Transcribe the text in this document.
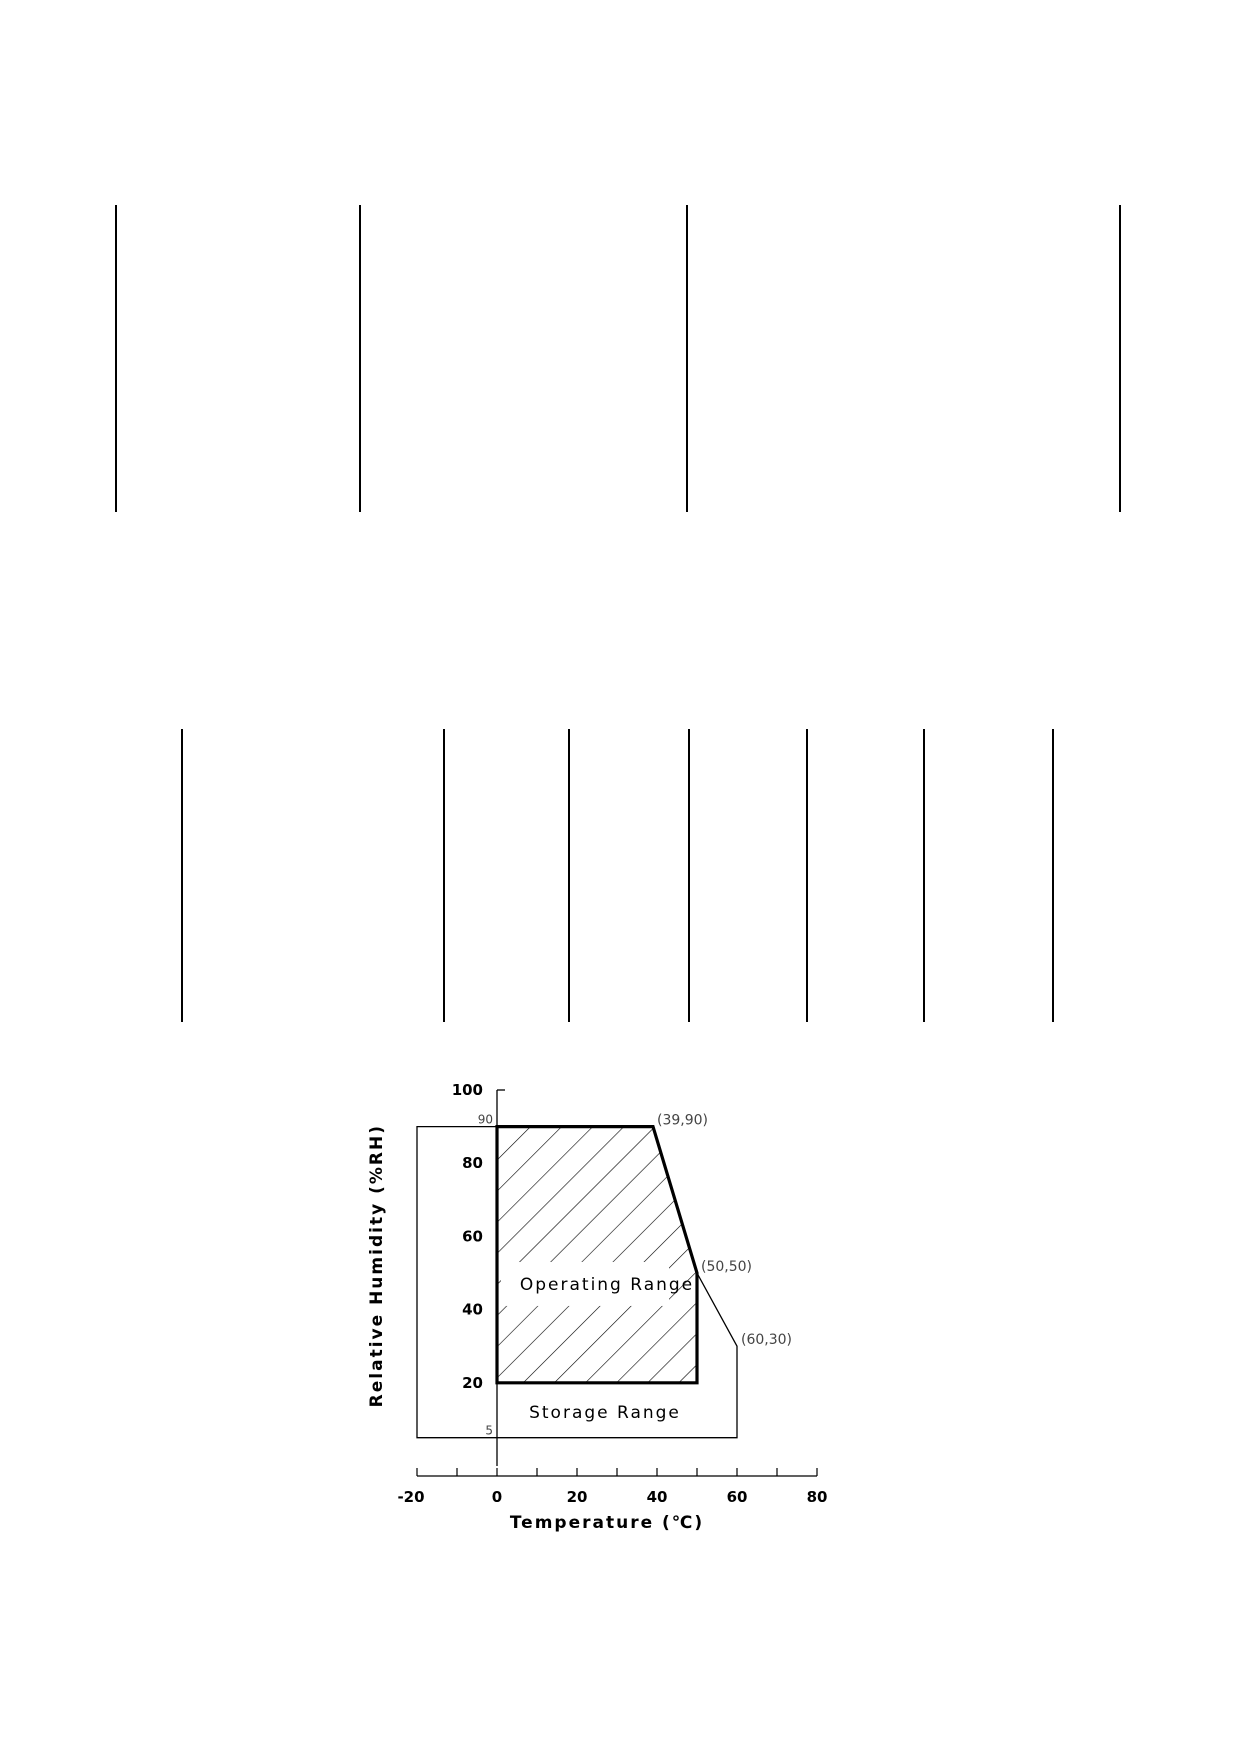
-20	0	20	40	60	80
20
40
60
80
100
90
5
Temperature (℃)
Relative Humidity (%RH)	Operating Range
Storage Range
(39,90)
(50,50)
(60,30)
